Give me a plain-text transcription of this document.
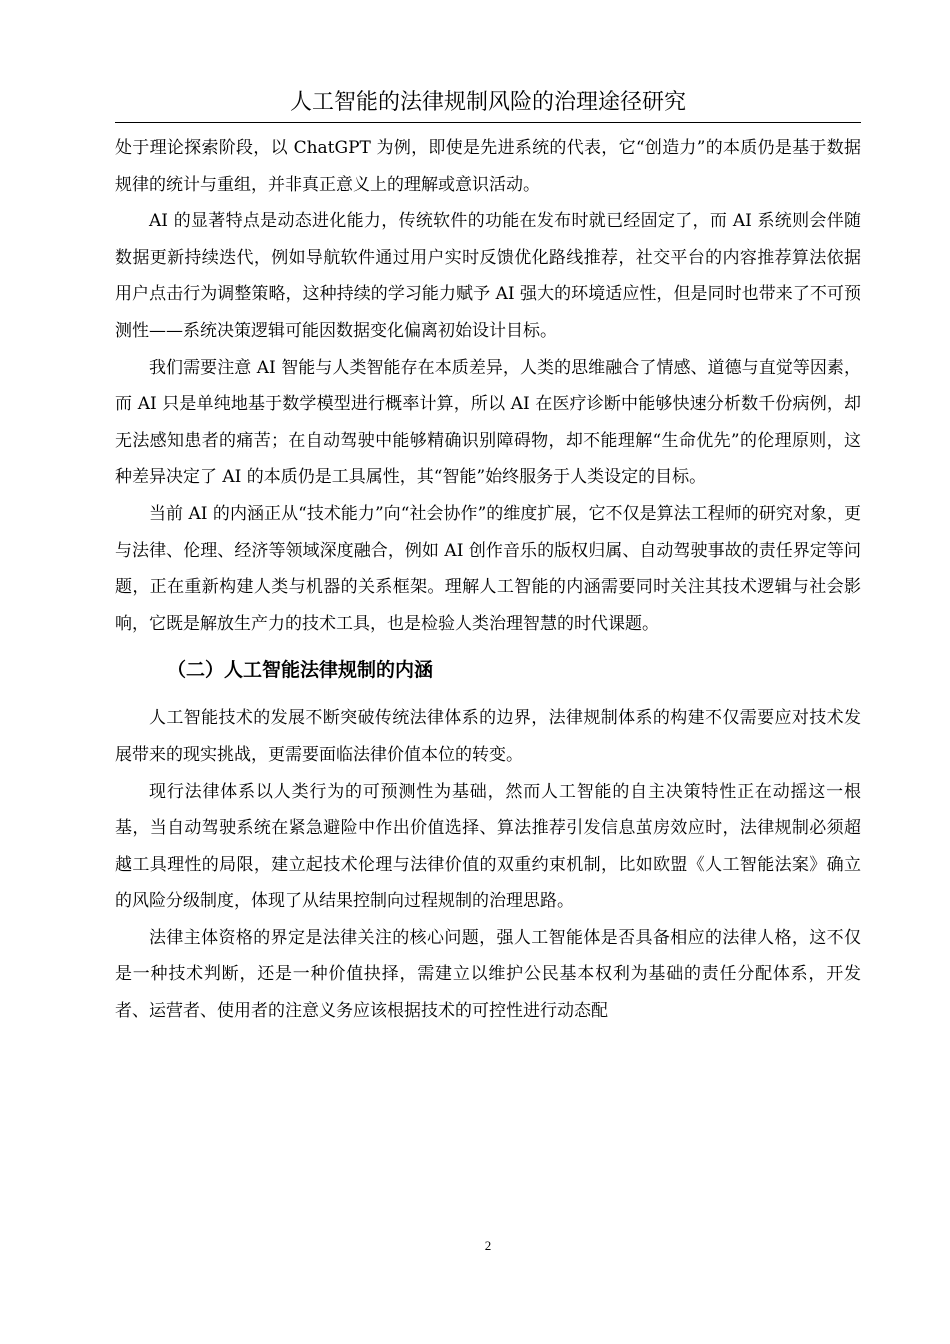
人工智能的法律规制风险的治理途径研究

处于理论探索阶段，以 ChatGPT 为例，即使是先进系统的代表，它“创造力”的本质仍是基于数据规律的统计与重组，并非真正意义上的理解或意识活动。

AI 的显著特点是动态进化能力，传统软件的功能在发布时就已经固定了，而 AI 系统则会伴随数据更新持续迭代，例如导航软件通过用户实时反馈优化路线推荐，社交平台的内容推荐算法依据用户点击行为调整策略，这种持续的学习能力赋予 AI 强大的环境适应性，但是同时也带来了不可预测性——系统决策逻辑可能因数据变化偏离初始设计目标。

我们需要注意 AI 智能与人类智能存在本质差异，人类的思维融合了情感、道德与直觉等因素，而 AI 只是单纯地基于数学模型进行概率计算，所以 AI 在医疗诊断中能够快速分析数千份病例，却无法感知患者的痛苦；在自动驾驶中能够精确识别障碍物，却不能理解“生命优先”的伦理原则，这种差异决定了 AI 的本质仍是工具属性，其“智能”始终服务于人类设定的目标。

当前 AI 的内涵正从“技术能力”向“社会协作”的维度扩展，它不仅是算法工程师的研究对象，更与法律、伦理、经济等领域深度融合，例如 AI 创作音乐的版权归属、自动驾驶事故的责任界定等问题，正在重新构建人类与机器的关系框架。理解人工智能的内涵需要同时关注其技术逻辑与社会影响，它既是解放生产力的技术工具，也是检验人类治理智慧的时代课题。

（二）人工智能法律规制的内涵

人工智能技术的发展不断突破传统法律体系的边界，法律规制体系的构建不仅需要应对技术发展带来的现实挑战，更需要面临法律价值本位的转变。

现行法律体系以人类行为的可预测性为基础，然而人工智能的自主决策特性正在动摇这一根基，当自动驾驶系统在紧急避险中作出价值选择、算法推荐引发信息茧房效应时，法律规制必须超越工具理性的局限，建立起技术伦理与法律价值的双重约束机制，比如欧盟《人工智能法案》确立的风险分级制度，体现了从结果控制向过程规制的治理思路。

法律主体资格的界定是法律关注的核心问题，强人工智能体是否具备相应的法律人格，这不仅是一种技术判断，还是一种价值抉择，需建立以维护公民基本权利为基础的责任分配体系，开发者、运营者、使用者的注意义务应该根据技术的可控性进行动态配

2
